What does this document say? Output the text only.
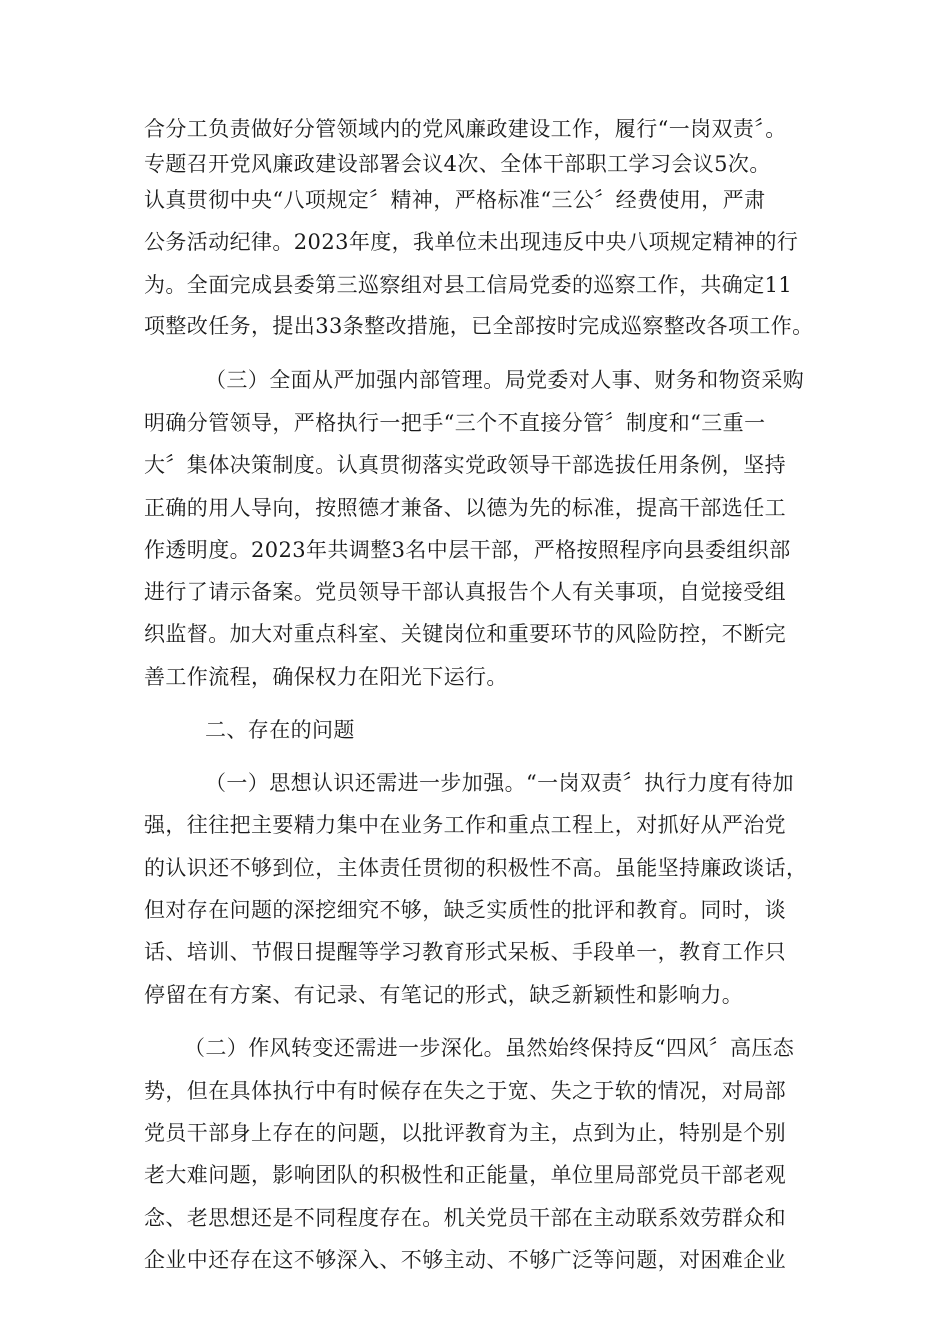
合分工负责做好分管领域内的党风廉政建设工作，履行“一岗双责〞。
专题召开党风廉政建设部署会议4次、全体干部职工学习会议5次。
认真贯彻中央“八项规定〞精神，严格标准“三公〞经费使用，严肃
公务活动纪律。2023年度，我单位未出现违反中央八项规定精神的行
为。全面完成县委第三巡察组对县工信局党委的巡察工作，共确定11
项整改任务，提出33条整改措施，已全部按时完成巡察整改各项工作。
（三）全面从严加强内部管理。局党委对人事、财务和物资采购
明确分管领导，严格执行一把手“三个不直接分管〞制度和“三重一
大〞集体决策制度。认真贯彻落实党政领导干部选拔任用条例，坚持
正确的用人导向，按照德才兼备、以德为先的标准，提高干部选任工
作透明度。2023年共调整3名中层干部，严格按照程序向县委组织部
进行了请示备案。党员领导干部认真报告个人有关事项，自觉接受组
织监督。加大对重点科室、关键岗位和重要环节的风险防控，不断完
善工作流程，确保权力在阳光下运行。
二、存在的问题
（一）思想认识还需进一步加强。“一岗双责〞执行力度有待加
强，往往把主要精力集中在业务工作和重点工程上，对抓好从严治党
的认识还不够到位，主体责任贯彻的积极性不高。虽能坚持廉政谈话，
但对存在问题的深挖细究不够，缺乏实质性的批评和教育。同时，谈
话、培训、节假日提醒等学习教育形式呆板、手段单一，教育工作只
停留在有方案、有记录、有笔记的形式，缺乏新颖性和影响力。
（二）作风转变还需进一步深化。虽然始终保持反“四风〞高压态
势，但在具体执行中有时候存在失之于宽、失之于软的情况，对局部
党员干部身上存在的问题，以批评教育为主，点到为止，特别是个别
老大难问题，影响团队的积极性和正能量，单位里局部党员干部老观
念、老思想还是不同程度存在。机关党员干部在主动联系效劳群众和
企业中还存在这不够深入、不够主动、不够广泛等问题，对困难企业
